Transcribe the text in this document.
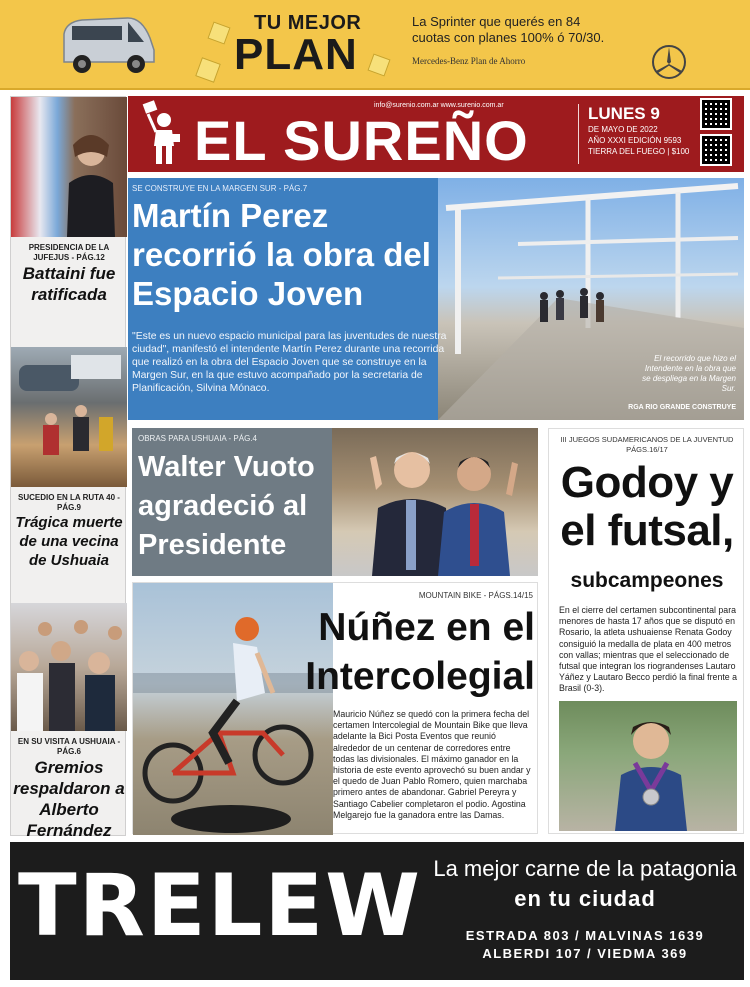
TU MEJOR
PLAN
La Sprinter que querés en 84 cuotas con planes 100% ó 70/30.
Mercedes-Benz Plan de Ahorro
PRESIDENCIA DE LA JUFEJUS - PÁG.12
Battaini fue ratificada
SUCEDIO EN LA RUTA 40 - PÁG.9
Trágica muerte de una vecina de Ushuaia
EN SU VISITA A USHUAIA - PÁG.6
Gremios respaldaron a Alberto Fernández
info@surenio.com.ar www.surenio.com.ar
EL SUREÑO	LUNES 9
DE MAYO DE 2022
AÑO XXXI EDICIÓN 9593
TIERRA DEL FUEGO | $100
SE CONSTRUYE EN LA MARGEN SUR - PÁG.7
Martín Perez recorrió la obra del Espacio Joven
"Este es un nuevo espacio municipal para las juventudes de nuestra ciudad", manifestó el intendente Martín Perez durante una recorrida que realizó en la obra del Espacio Joven que se construye en la Margen Sur, en la que estuvo acompañado por la secretaria de Planificación, Silvina Mónaco.
El recorrido que hizo el Intendente en la obra que se despliega en la Margen Sur.
RGA RIO GRANDE CONSTRUYE
OBRAS PARA USHUAIA - PÁG.4
Walter Vuoto agradeció al Presidente
III JUEGOS SUDAMERICANOS DE LA JUVENTUD PÁGS.16/17
Godoy y el futsal,
subcampeones
En el cierre del certamen subcontinental para menores de hasta 17 años que se disputó en Rosario, la atleta ushuaiense Renata Godoy consiguió la medalla de plata en 400 metros con vallas; mientras que el seleccionado de futsal que integran los riograndenses Lautaro Yáñez y Lautaro Becco perdió la final frente a Brasil (0-3).
MOUNTAIN BIKE - PÁGS.14/15
Núñez en el Intercolegial
Mauricio Núñez se quedó con la primera fecha del certamen Intercolegial de Mountain Bike que lleva adelante la Bici Posta Eventos que reunió alrededor de un centenar de corredores entre todas las divisionales. El máximo ganador en la historia de este evento aprovechó su buen andar y el quedo de Juan Pablo Romero, quien marchaba primero antes de abandonar. Gabriel Pereyra y Santiago Cabelier completaron el podio. Agostina Melgarejo fue la ganadora entre las Damas.
TRELEW La mejor carne de la patagonia
en tu ciudad
ESTRADA 803 / MALVINAS 1639
ALBERDI 107 / VIEDMA 369
